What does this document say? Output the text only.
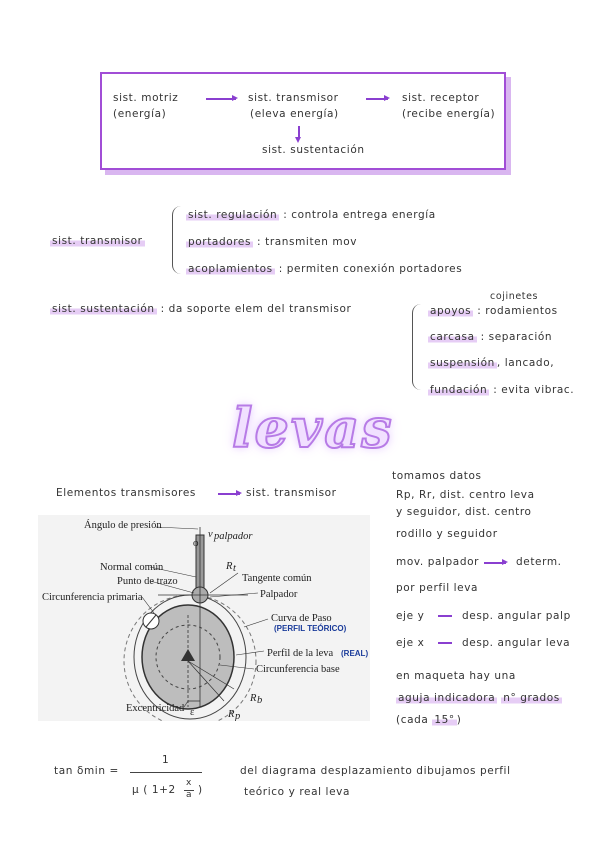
sist. motriz
(energía)
sist. transmisor
(eleva energía)
sist. receptor
(recibe energía)
sist. sustentación
sist. transmisor
sist. regulación : controla entrega energía
portadores : transmiten mov
acoplamientos : permiten conexión portadores
sist. sustentación : da soporte elem del transmisor
cojinetes
apoyos : rodamientos
carcasa : separación
suspensión , lancado,
fundación : evita vibrac.
levas
Elementos transmisores	sist. transmisor
tomamos datos
Rp, Rr, dist. centro leva
y seguidor, dist. centro
rodillo y seguidor
mov. palpador	determ.
por perfil leva
eje y	desp. angular palp
eje x	desp. angular leva
en maqueta hay una
aguja indicadora n° grados
(cada 15° )
Ángulo de presión
ϕ
v palpador
Normal común
Punto de trazo
Circunferencia primaria
R t
Tangente común
Palpador
Curva de Paso
(PERFIL TEÓRICO)
Perfil de la leva (REAL)
Circunferencia base
R b
Excentricidad ε	R p
tan δmin =
1
μ ( 1+2
x
a )
del diagrama desplazamiento dibujamos perfil
teórico y real leva
